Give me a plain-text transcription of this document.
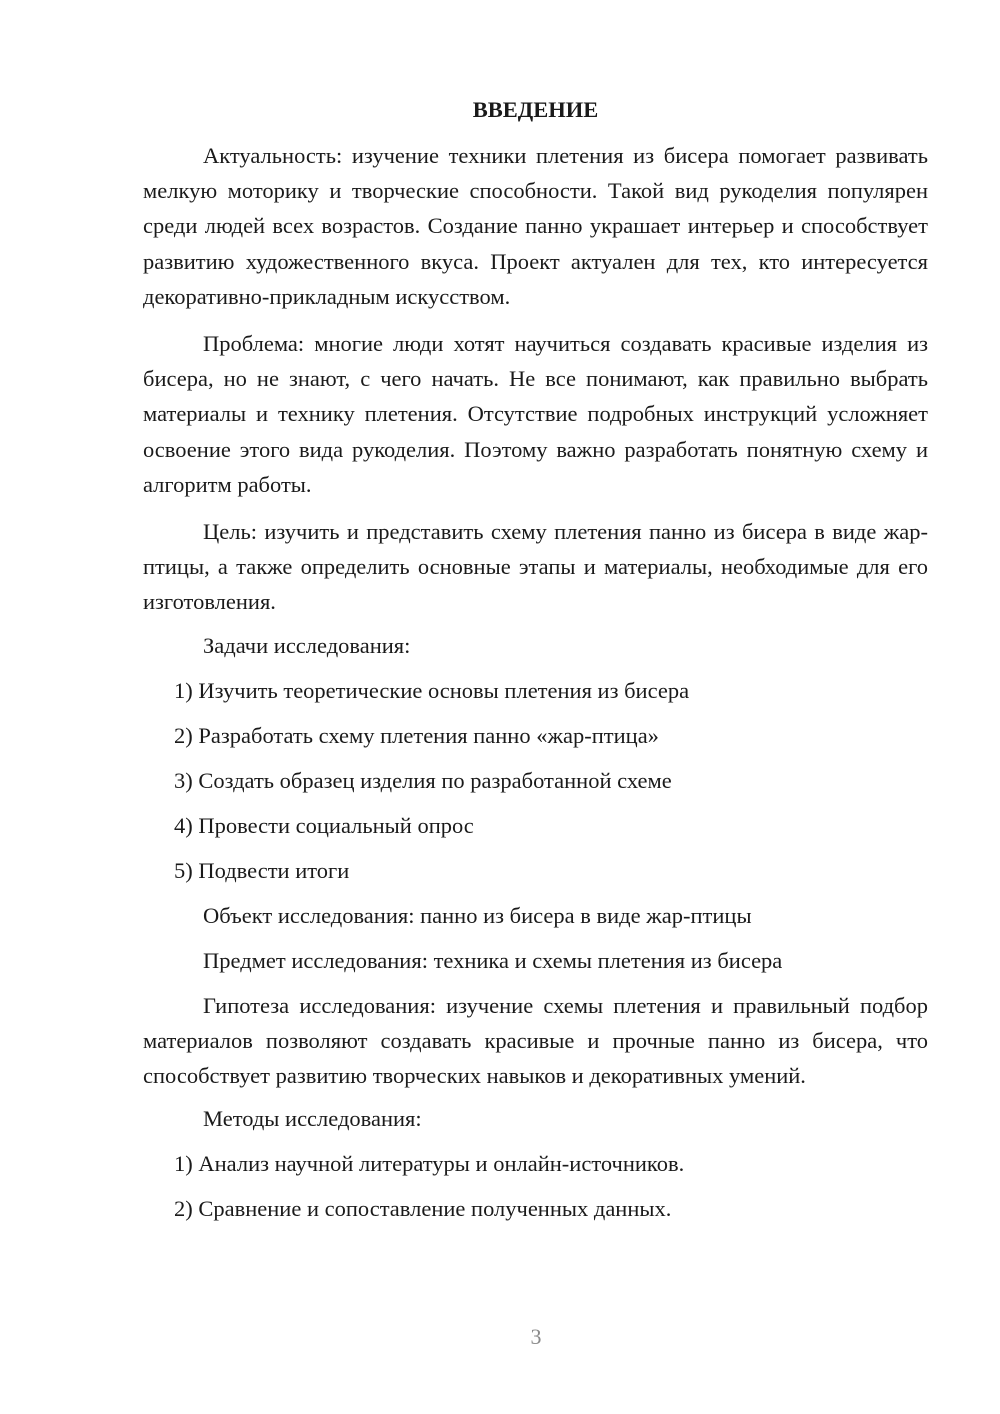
ВВЕДЕНИЕ

Актуальность: изучение техники плетения из бисера помогает развивать мелкую моторику и творческие способности. Такой вид рукоделия популярен среди людей всех возрастов. Создание панно украшает интерьер и способствует развитию художественного вкуса. Проект актуален для тех, кто интересуется декоративно-прикладным искусством.

Проблема: многие люди хотят научиться создавать красивые изделия из бисера, но не знают, с чего начать. Не все понимают, как правильно выбрать материалы и технику плетения. Отсутствие подробных инструкций усложняет освоение этого вида рукоделия. Поэтому важно разработать понятную схему и алгоритм работы.

Цель: изучить и представить схему плетения панно из бисера в виде жар-птицы, а также определить основные этапы и материалы, необходимые для его изготовления.

Задачи исследования:
1) Изучить теоретические основы плетения из бисера
2) Разработать схему плетения панно «жар-птица»
3) Создать образец изделия по разработанной схеме
4) Провести социальный опрос
5) Подвести итоги
Объект исследования: панно из бисера в виде жар-птицы
Предмет исследования: техника и схемы плетения из бисера

Гипотеза исследования: изучение схемы плетения и правильный подбор материалов позволяют создавать красивые и прочные панно из бисера, что способствует развитию творческих навыков и декоративных умений.

Методы исследования:
1) Анализ научной литературы и онлайн-источников.
2) Сравнение и сопоставление полученных данных.
3
